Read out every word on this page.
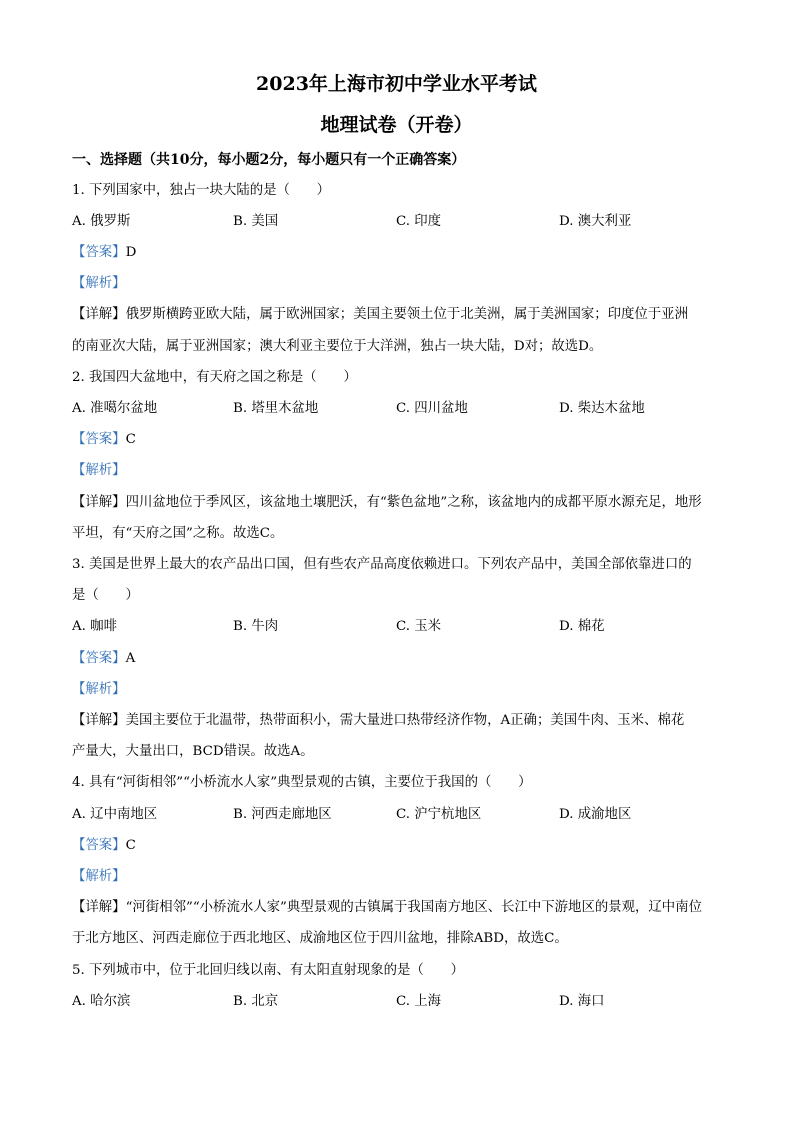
2023年上海市初中学业水平考试
地理试卷（开卷）
一、选择题（共10分，每小题2分，每小题只有一个正确答案）
1. 下列国家中，独占一块大陆的是（　　）
A. 俄罗斯	B. 美国	C. 印度	D. 澳大利亚
【答案】D
【解析】
【详解】俄罗斯横跨亚欧大陆，属于欧洲国家；美国主要领土位于北美洲，属于美洲国家；印度位于亚洲
的南亚次大陆，属于亚洲国家；澳大利亚主要位于大洋洲，独占一块大陆，D对；故选D。
2. 我国四大盆地中，有天府之国之称是（　　）
A. 准噶尔盆地	B. 塔里木盆地	C. 四川盆地	D. 柴达木盆地
【答案】C
【解析】
【详解】四川盆地位于季风区，该盆地土壤肥沃，有“紫色盆地”之称，该盆地内的成都平原水源充足，地形
平坦，有“天府之国”之称。故选C。
3. 美国是世界上最大的农产品出口国，但有些农产品高度依赖进口。下列农产品中，美国全部依靠进口的
是（　　）
A. 咖啡	B. 牛肉	C. 玉米	D. 棉花
【答案】A
【解析】
【详解】美国主要位于北温带，热带面积小，需大量进口热带经济作物，A正确；美国牛肉、玉米、棉花
产量大，大量出口，BCD错误。故选A。
4. 具有“河街相邻”“小桥流水人家”典型景观的古镇，主要位于我国的（　　）
A. 辽中南地区	B. 河西走廊地区	C. 沪宁杭地区	D. 成渝地区
【答案】C
【解析】
【详解】“河街相邻”“小桥流水人家”典型景观的古镇属于我国南方地区、长江中下游地区的景观，辽中南位
于北方地区、河西走廊位于西北地区、成渝地区位于四川盆地，排除ABD，故选C。
5. 下列城市中，位于北回归线以南、有太阳直射现象的是（　　）
A. 哈尔滨	B. 北京	C. 上海	D. 海口
